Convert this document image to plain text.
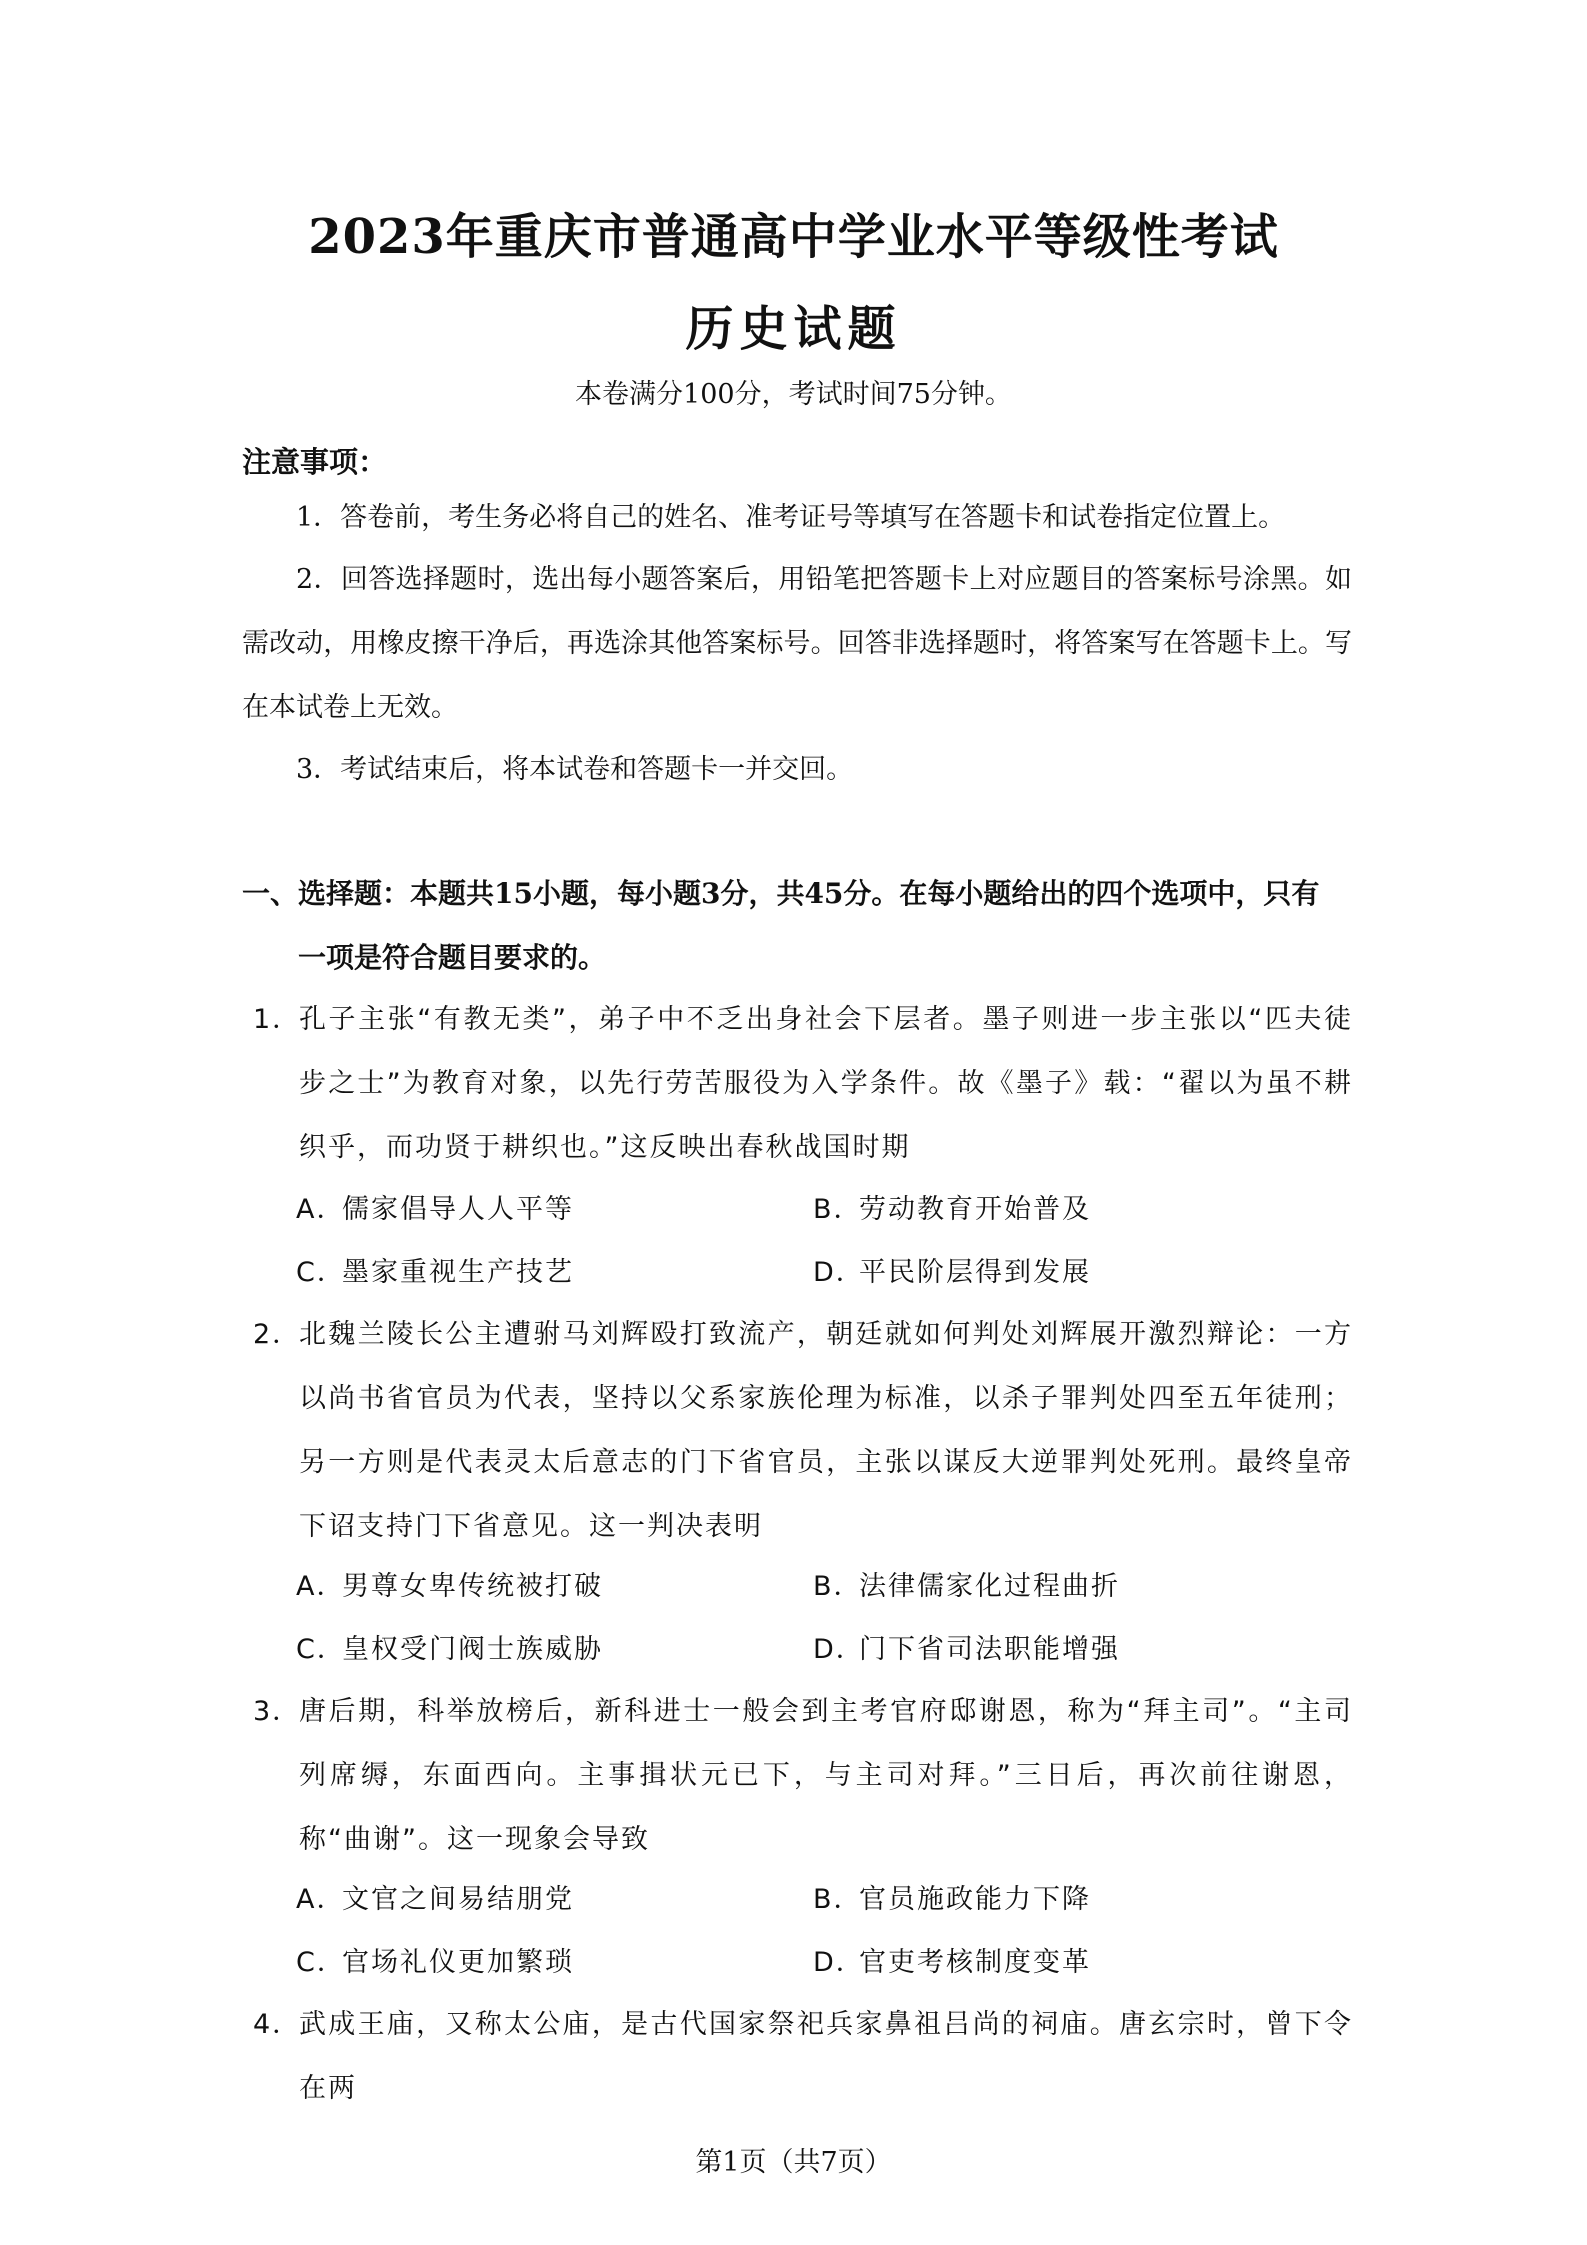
2023年重庆市普通高中学业水平等级性考试
历史试题
本卷满分100分，考试时间75分钟。
注意事项：
1．答卷前，考生务必将自己的姓名、准考证号等填写在答题卡和试卷指定位置上。
2．回答选择题时，选出每小题答案后，用铅笔把答题卡上对应题目的答案标号涂黑。如需改动，用橡皮擦干净后，再选涂其他答案标号。回答非选择题时，将答案写在答题卡上。写在本试卷上无效。
3．考试结束后，将本试卷和答题卡一并交回。
一、选择题：本题共15小题，每小题3分，共45分。在每小题给出的四个选项中，只有
一项是符合题目要求的。
1．
孔子主张“有教无类”，弟子中不乏出身社会下层者。墨子则进一步主张以“匹夫徒步之士”为教育对象，以先行劳苦服役为入学条件。故《墨子》载：“翟以为虽不耕织乎，而功贤于耕织也。”这反映出春秋战国时期
A．儒家倡导人人平等	B．劳动教育开始普及
C．墨家重视生产技艺	D．平民阶层得到发展
2．
北魏兰陵长公主遭驸马刘辉殴打致流产，朝廷就如何判处刘辉展开激烈辩论：一方以尚书省官员为代表，坚持以父系家族伦理为标准，以杀子罪判处四至五年徒刑；另一方则是代表灵太后意志的门下省官员，主张以谋反大逆罪判处死刑。最终皇帝下诏支持门下省意见。这一判决表明
A．男尊女卑传统被打破	B．法律儒家化过程曲折
C．皇权受门阀士族威胁	D．门下省司法职能增强
3．
唐后期，科举放榜后，新科进士一般会到主考官府邸谢恩，称为“拜主司”。“主司列席缛，东面西向。主事揖状元已下，与主司对拜。”三日后，再次前往谢恩，称“曲谢”。这一现象会导致
A．文官之间易结朋党	B．官员施政能力下降
C．官场礼仪更加繁琐	D．官吏考核制度变革
4．
武成王庙，又称太公庙，是古代国家祭祀兵家鼻祖吕尚的祠庙。唐玄宗时，曾下令在两
第1页（共7页）
